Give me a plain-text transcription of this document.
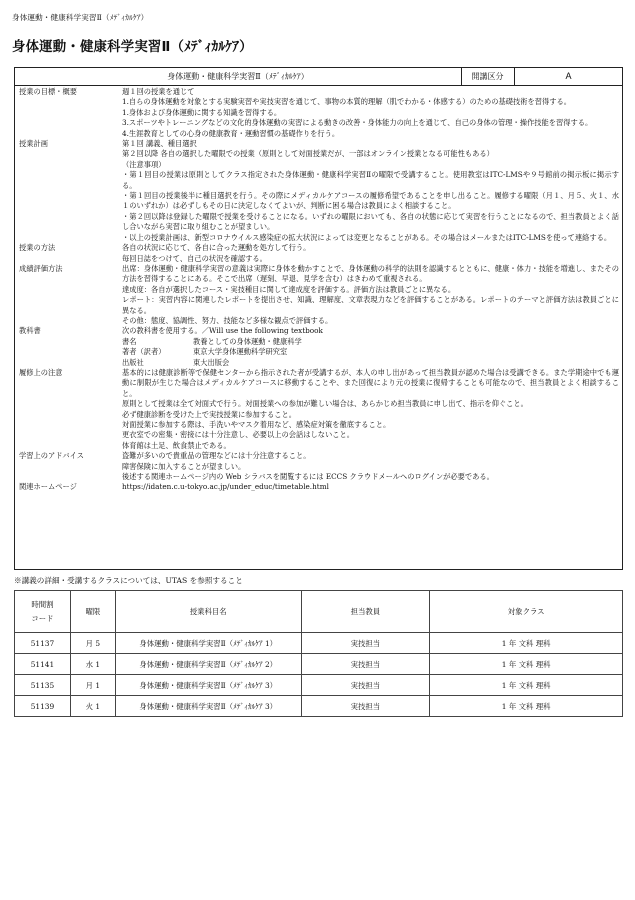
身体運動・健康科学実習Ⅱ（ﾒﾃﾞｨｶﾙｹｱ）
身体運動・健康科学実習Ⅱ（ﾒﾃﾞｨｶﾙｹｱ）
身体運動・健康科学実習Ⅱ（ﾒﾃﾞｨｶﾙｹｱ）	開講区分	A
授業の目標・概要	週１回の授業を通じて

1.自らの身体運動を対象とする実験実習や実技実習を通じて、事物の本質的理解（肌でわかる・体感する）のための基礎技術を習得する。

1.身体および身体運動に関する知識を習得する。

3.スポーツやトレーニングなどの文化的身体運動の実習による動きの改善・身体能力の向上を通じて、自己の身体の管理・操作技能を習得する。

4.生涯教育としての心身の健康教育・運動習慣の基礎作りを行う。

授業計画	第１回 講義、種目選択

第２回以降 各自の選択した曜限での授業（原則として対面授業だが、一部はオンライン授業となる可能性もある）

（注意事項）

・第１回目の授業は原則としてクラス指定された身体運動・健康科学実習Ⅱの曜限で受講すること。使用教室はITC-LMSや９号館前の掲示板に掲示する。

・第１回目の授業後半に種目選択を行う。その際にメディカルケアコースの履修希望であることを申し出ること。履修する曜限（月１、月５、火１、水１のいずれか）は必ずしもその日に決定しなくてよいが、判断に困る場合は教員によく相談すること。

・第２回以降は登録した曜限で授業を受けることになる。いずれの曜限においても、各自の状態に応じて実習を行うことになるので、担当教員とよく話し合いながら実習に取り組むことが望ましい。

・以上の授業計画は、新型コロナウイルス感染症の拡大状況によっては変更となることがある。その場合はメールまたはITC-LMSを使って連絡する。

授業の方法	各自の状況に応じて、各自に合った運動を処方して行う。

毎回日誌をつけて、自己の状況を確認する。

成績評価方法	出席：身体運動・健康科学実習の意義は実際に身体を動かすことで、身体運動の科学的法則を認識するとともに、健康・体力・技能を増進し、またその方法を習得することにある。そこで出席（遅刻、早退、見学を含む）はきわめて重視される。

達成度：各自が選択したコース・実技種目に関して達成度を評価する。評価方法は教員ごとに異なる。

レポート：実習内容に関連したレポートを提出させ、知識、理解度、文章表現力などを評価することがある。レポートのテーマと評価方法は教員ごとに異なる。

その他：態度、協調性、努力、技能など多様な観点で評価する。

教科書	次の教科書を使用する。／Will use the following textbook

書名	教養としての身体運動・健康科学
著者（訳者）	東京大学身体運動科学研究室
出版社	東大出版会
履修上の注意	基本的には健康診断等で保健センターから指示された者が受講するが、本人の申し出があって担当教員が認めた場合は受講できる。また学期途中でも運動に制限が生じた場合はメディカルケアコースに移動することや、また回復により元の授業に復帰することも可能なので、担当教員とよく相談すること。

原則として授業は全て対面式で行う。対面授業への参加が難しい場合は、あらかじめ担当教員に申し出て、指示を仰ぐこと。

必ず健康診断を受けた上で実技授業に参加すること。

対面授業に参加する際は、手洗いやマスク着用など、感染症対策を徹底すること。

更衣室での密集・密接には十分注意し、必要以上の会話はしないこと。

体育館は土足、飲食禁止である。

学習上のアドバイス	盗難が多いので貴重品の管理などには十分注意すること。

障害保険に加入することが望ましい。

後述する関連ホームページ内の Web シラバスを閲覧するには ECCS クラウドメールへのログインが必要である。

関連ホームページ	https://idaten.c.u-tokyo.ac.jp/under_educ/timetable.html

※講義の詳細・受講するクラスについては、UTAS を参照すること
時間割
コード	曜限	授業科目名	担当教員	対象クラス
51137	月 5	身体運動・健康科学実習Ⅱ（ﾒﾃﾞｨｶﾙｹｱ 1）	実技担当	1 年 文科 理科
51141	水 1	身体運動・健康科学実習Ⅱ（ﾒﾃﾞｨｶﾙｹｱ 2）	実技担当	1 年 文科 理科
51135	月 1	身体運動・健康科学実習Ⅱ（ﾒﾃﾞｨｶﾙｹｱ 3）	実技担当	1 年 文科 理科
51139	火 1	身体運動・健康科学実習Ⅱ（ﾒﾃﾞｨｶﾙｹｱ 3）	実技担当	1 年 文科 理科
